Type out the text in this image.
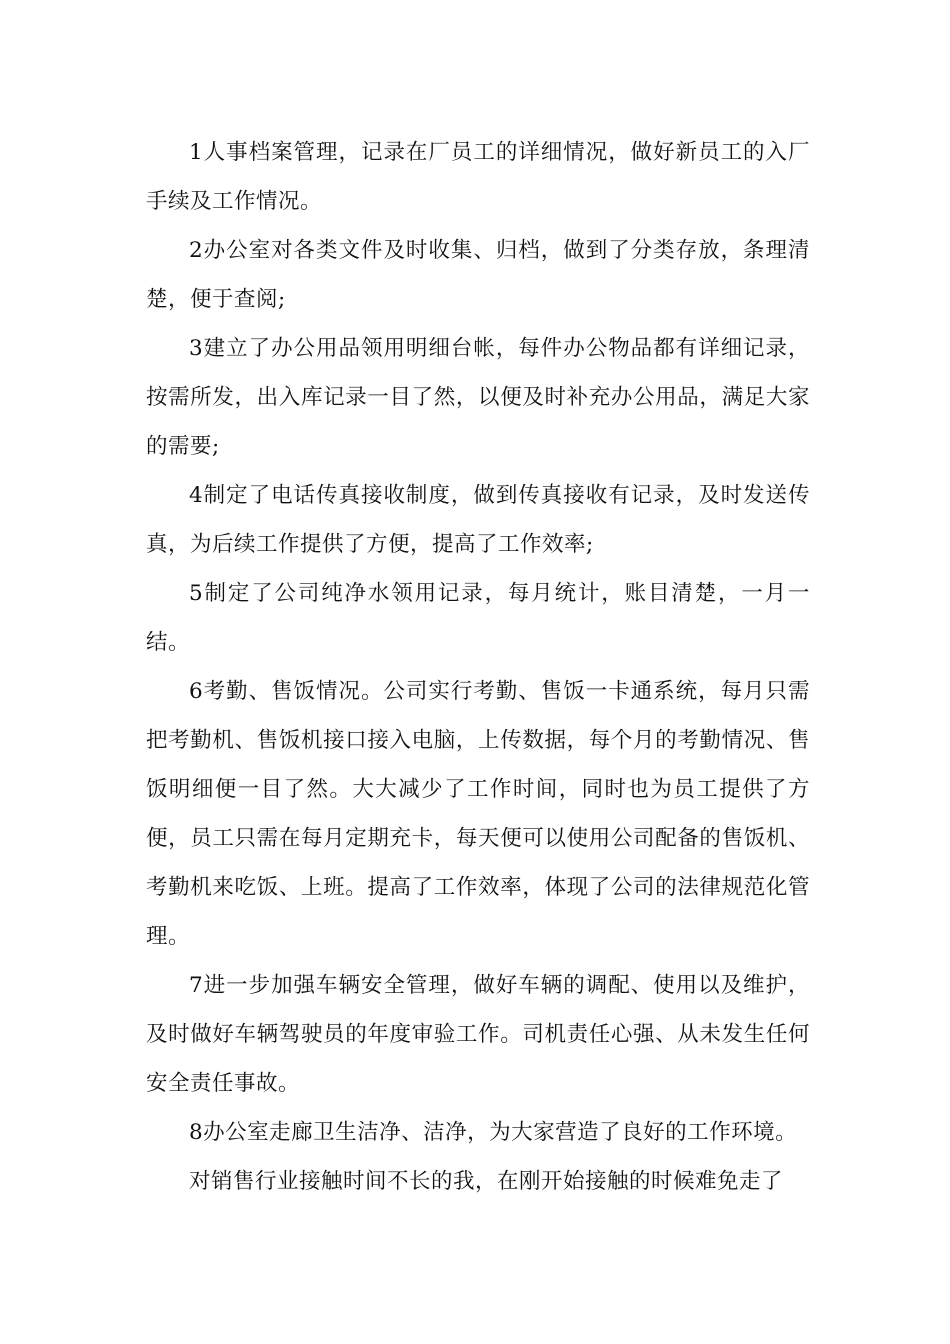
1人事档案管理，记录在厂员工的详细情况，做好新员工的入厂手续及工作情况。

2办公室对各类文件及时收集、归档，做到了分类存放，条理清楚，便于查阅;

3建立了办公用品领用明细台帐，每件办公物品都有详细记录，按需所发，出入库记录一目了然，以便及时补充办公用品，满足大家的需要;

4制定了电话传真接收制度，做到传真接收有记录，及时发送传真，为后续工作提供了方便，提高了工作效率;

5制定了公司纯净水领用记录，每月统计，账目清楚，一月一结。

6考勤、售饭情况。公司实行考勤、售饭一卡通系统，每月只需把考勤机、售饭机接口接入电脑，上传数据，每个月的考勤情况、售饭明细便一目了然。大大减少了工作时间，同时也为员工提供了方便，员工只需在每月定期充卡，每天便可以使用公司配备的售饭机、考勤机来吃饭、上班。提高了工作效率，体现了公司的法律规范化管理。

7进一步加强车辆安全管理，做好车辆的调配、使用以及维护，及时做好车辆驾驶员的年度审验工作。司机责任心强、从未发生任何安全责任事故。

8办公室走廊卫生洁净、洁净，为大家营造了良好的工作环境。

对销售行业接触时间不长的我，在刚开始接触的时候难免走了
